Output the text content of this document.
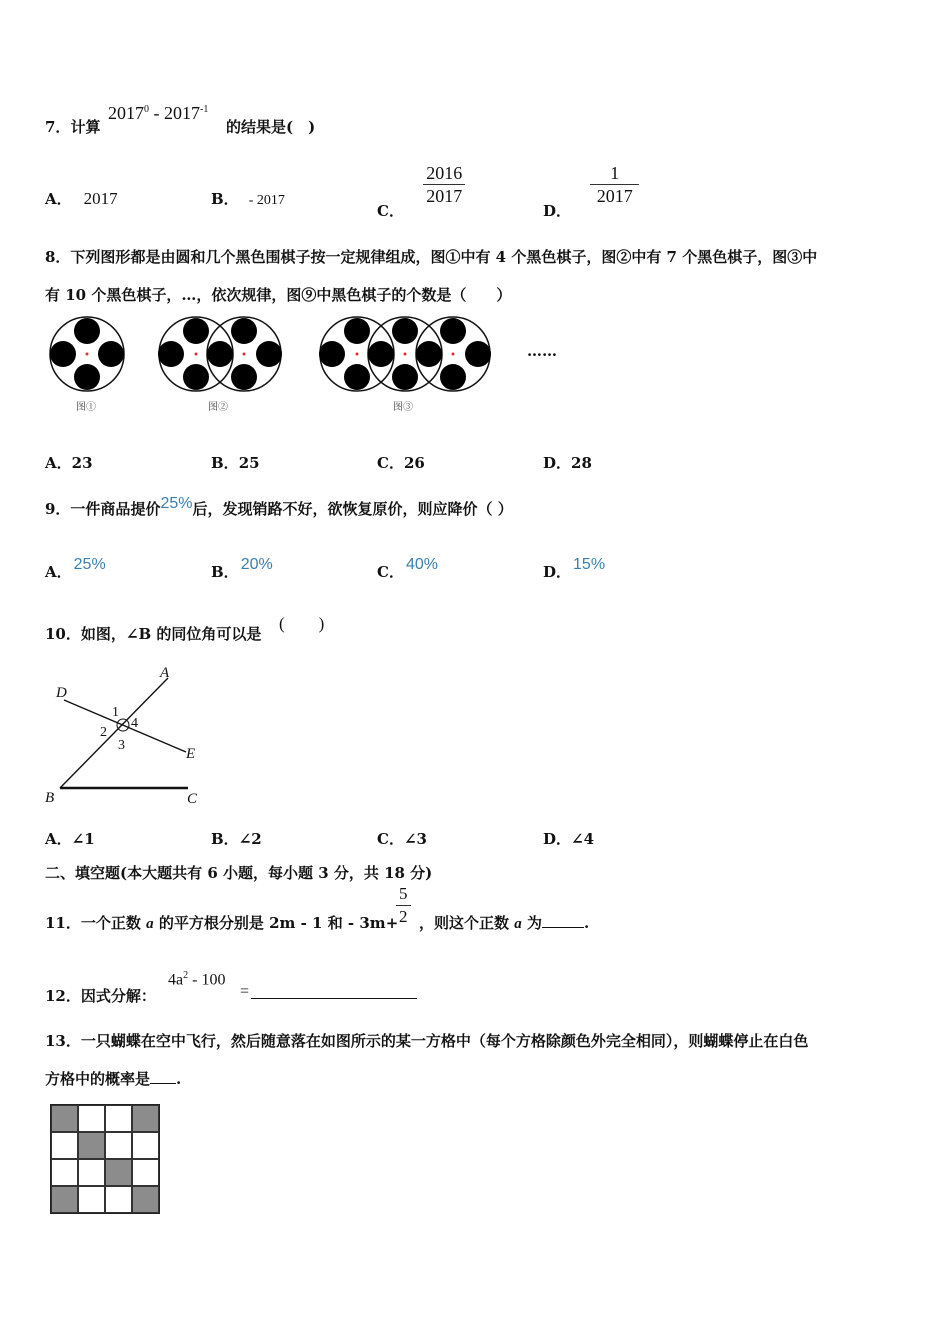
7．计算
$2017^0 - 2017^{-1}$
的结果是(　)
A． 2017	B． - 2017
C．
$\frac{2016}{2017}$
D．
$\frac{1}{2017}$
8．下列图形都是由圆和几个黑色围棋子按一定规律组成，图①中有 4 个黑色棋子，图②中有 7 个黑色棋子，图③中
有 10 个黑色棋子，…，依次规律，图⑨中黑色棋子的个数是（　　）
图①	图②	图③
……
A．23	B．25	C．26	D．28
9．一件商品提价25%后，发现销路不好，欲恢复原价，则应降价（ ）
A． 25%	B． 20%	C． 40%	D． 15%
10．如图，∠B 的同位角可以是
(　　)
A
D
E
B	C
1
2
3
4
A．∠1	B．∠2	C．∠3	D．∠4
二、填空题(本大题共有 6 小题，每小题 3 分，共 18 分)
11．一个正数 a 的平方根分别是 2m - 1 和 - 3m+
$\frac{5}{2}$ ，则这个正数 a 为	.
12．因式分解：
$4a^2 - 100$
=
13．一只蝴蝶在空中飞行，然后随意落在如图所示的某一方格中（每个方格除颜色外完全相同），则蝴蝶停止在白色
方格中的概率是 .
